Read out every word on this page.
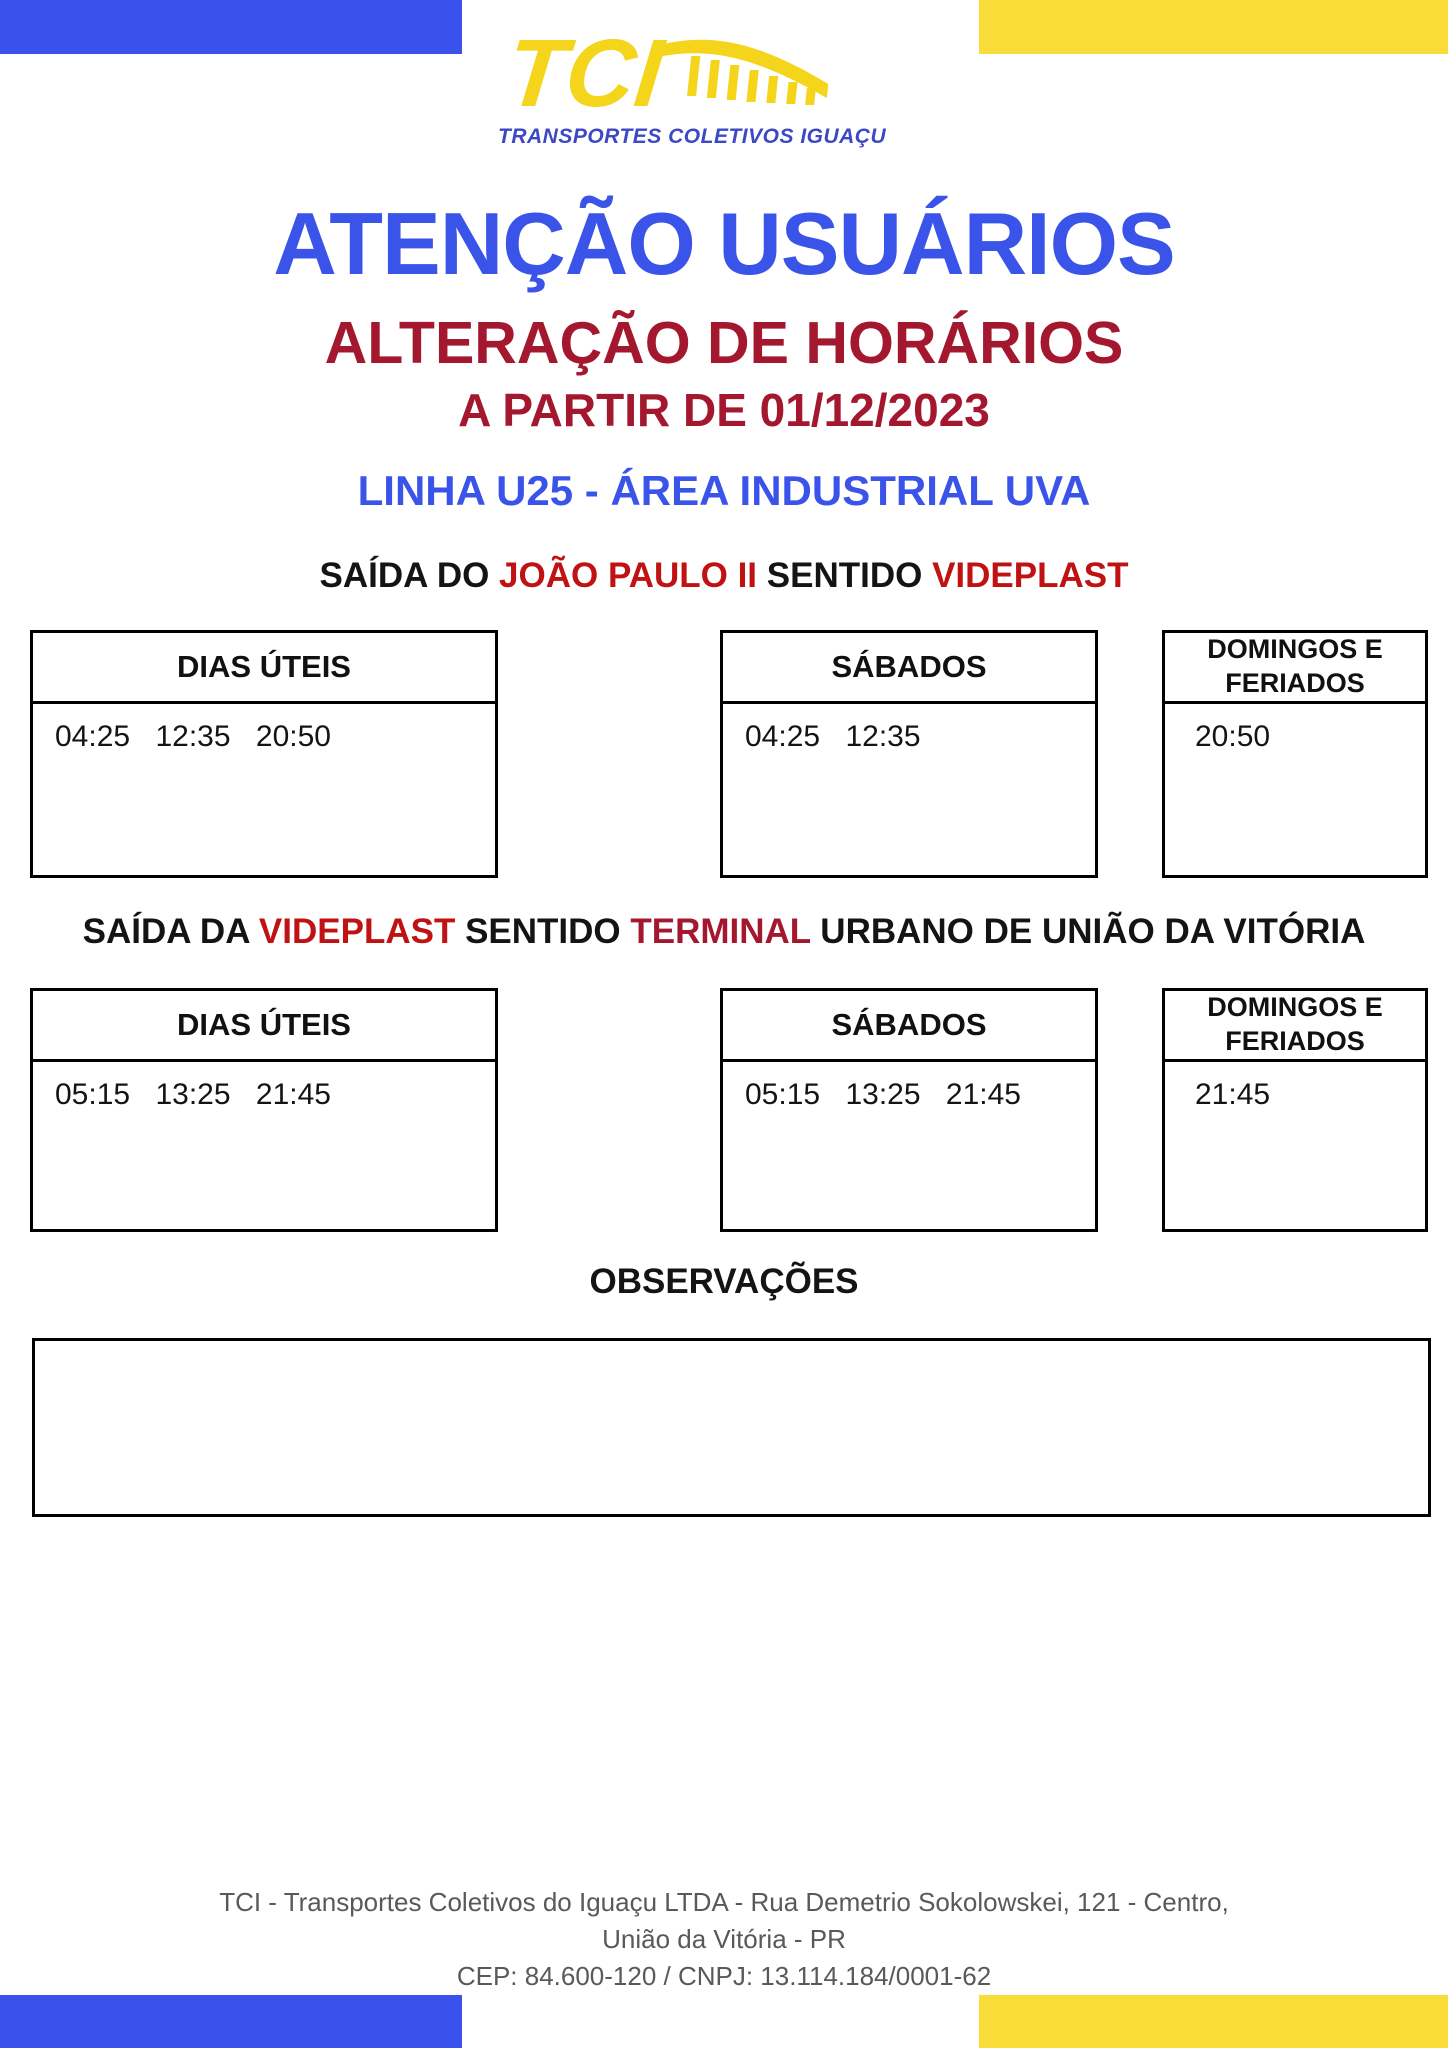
TCI
TRANSPORTES COLETIVOS IGUAÇU
ATENÇÃO USUÁRIOS
ALTERAÇÃO DE HORÁRIOS
A PARTIR DE 01/12/2023
LINHA U25 - ÁREA INDUSTRIAL UVA
SAÍDA DO JOÃO PAULO II SENTIDO VIDEPLAST
DIAS ÚTEIS
04:25 12:35 20:50
SÁBADOS
04:25 12:35
DOMINGOS E FERIADOS
20:50
SAÍDA DA VIDEPLAST SENTIDO TERMINAL URBANO DE UNIÃO DA VITÓRIA
DIAS ÚTEIS
05:15 13:25 21:45
SÁBADOS
05:15 13:25 21:45
DOMINGOS E FERIADOS
21:45
OBSERVAÇÕES
TCI - Transportes Coletivos do Iguaçu LTDA - Rua Demetrio Sokolowskei, 121 - Centro,
União da Vitória - PR
CEP: 84.600-120 / CNPJ: 13.114.184/0001-62
